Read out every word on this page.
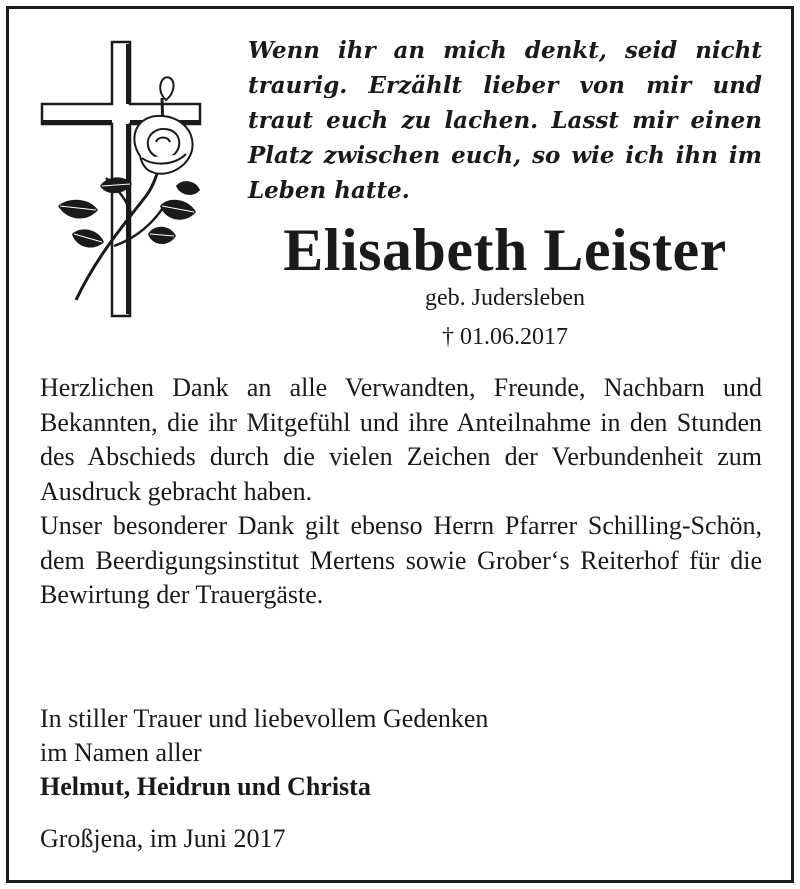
Wenn ihr an mich denkt, seid nicht
traurig. Erzählt lieber von mir und
traut euch zu lachen. Lasst mir einen
Platz zwischen euch, so wie ich ihn im
Leben hatte.
Elisabeth Leister
geb. Judersleben
† 01.06.2017

Herzlichen Dank an alle Verwandten, Freunde, Nachbarn und Bekannten, die ihr Mitgefühl und ihre Anteilnahme in den Stunden des Abschieds durch die vielen Zeichen der Verbundenheit zum Ausdruck gebracht haben.

Unser besonderer Dank gilt ebenso Herrn Pfarrer Schilling-Schön, dem Beerdigungsinstitut Mertens sowie Grober‘s Reiterhof für die Bewirtung der Trauergäste.

In stiller Trauer und liebevollem Gedenken

im Namen aller

Helmut, Heidrun und Christa

Großjena, im Juni 2017
